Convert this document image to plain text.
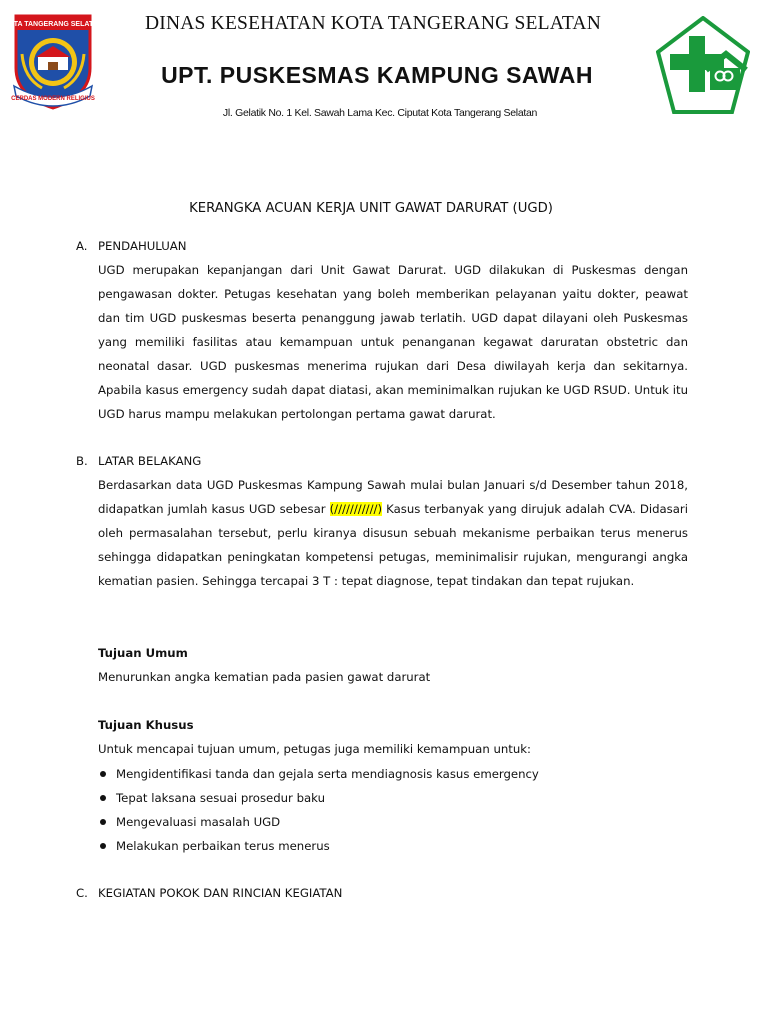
KOTA TANGERANG SELATAN
CERDAS MODERN RELIGIUS
DINAS KESEHATAN KOTA TANGERANG SELATAN
UPT. PUSKESMAS KAMPUNG SAWAH
Jl. Gelatik No. 1 Kel. Sawah Lama Kec. Ciputat Kota Tangerang Selatan
KERANGKA ACUAN KERJA UNIT GAWAT DARURAT (UGD)
A. PENDAHULUAN
UGD merupakan kepanjangan dari Unit Gawat Darurat. UGD dilakukan di Puskesmas dengan pengawasan dokter. Petugas kesehatan yang boleh memberikan pelayanan yaitu dokter, peawat dan tim UGD puskesmas beserta penanggung jawab terlatih. UGD dapat dilayani oleh Puskesmas yang memiliki fasilitas atau kemampuan untuk penanganan kegawat daruratan obstetric dan neonatal dasar. UGD puskesmas menerima rujukan dari Desa diwilayah kerja dan sekitarnya. Apabila kasus emergency sudah dapat diatasi, akan meminimalkan rujukan ke UGD RSUD. Untuk itu UGD harus mampu melakukan pertolongan pertama gawat darurat.
B. LATAR BELAKANG
Berdasarkan data UGD Puskesmas Kampung Sawah mulai bulan Januari s/d Desember tahun 2018, didapatkan jumlah kasus UGD sebesar (///////////) Kasus terbanyak yang dirujuk adalah CVA. Didasari oleh permasalahan tersebut, perlu kiranya disusun sebuah mekanisme perbaikan terus menerus sehingga didapatkan peningkatan kompetensi petugas, meminimalisir rujukan, mengurangi angka kematian pasien. Sehingga tercapai 3 T : tepat diagnose, tepat tindakan dan tepat rujukan.
Tujuan Umum
Menurunkan angka kematian pada pasien gawat darurat
Tujuan Khusus
Untuk mencapai tujuan umum, petugas juga memiliki kemampuan untuk:
Mengidentifikasi tanda dan gejala serta mendiagnosis kasus emergency
Tepat laksana sesuai prosedur baku
Mengevaluasi masalah UGD
Melakukan perbaikan terus menerus
C. KEGIATAN POKOK DAN RINCIAN KEGIATAN
